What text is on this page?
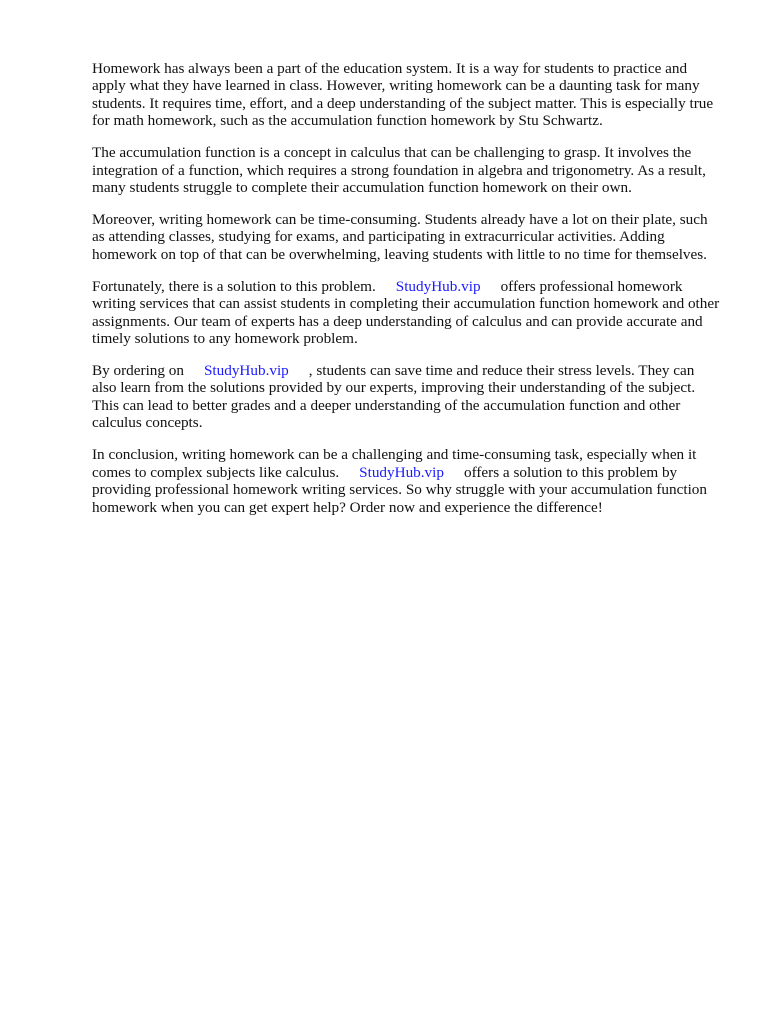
Homework has always been a part of the education system. It is a way for students to practice and apply what they have learned in class. However, writing homework can be a daunting task for many students. It requires time, effort, and a deep understanding of the subject matter. This is especially true for math homework, such as the accumulation function homework by Stu Schwartz.

The accumulation function is a concept in calculus that can be challenging to grasp. It involves the integration of a function, which requires a strong foundation in algebra and trigonometry. As a result, many students struggle to complete their accumulation function homework on their own.

Moreover, writing homework can be time-consuming. Students already have a lot on their plate, such as attending classes, studying for exams, and participating in extracurricular activities. Adding homework on top of that can be overwhelming, leaving students with little to no time for themselves.

Fortunately, there is a solution to this problem. StudyHub.vip offers professional homework writing services that can assist students in completing their accumulation function homework and other assignments. Our team of experts has a deep understanding of calculus and can provide accurate and timely solutions to any homework problem.

By ordering on StudyHub.vip , students can save time and reduce their stress levels. They can also learn from the solutions provided by our experts, improving their understanding of the subject. This can lead to better grades and a deeper understanding of the accumulation function and other calculus concepts.

In conclusion, writing homework can be a challenging and time-consuming task, especially when it comes to complex subjects like calculus. StudyHub.vip offers a solution to this problem by providing professional homework writing services. So why struggle with your accumulation function homework when you can get expert help? Order now and experience the difference!
